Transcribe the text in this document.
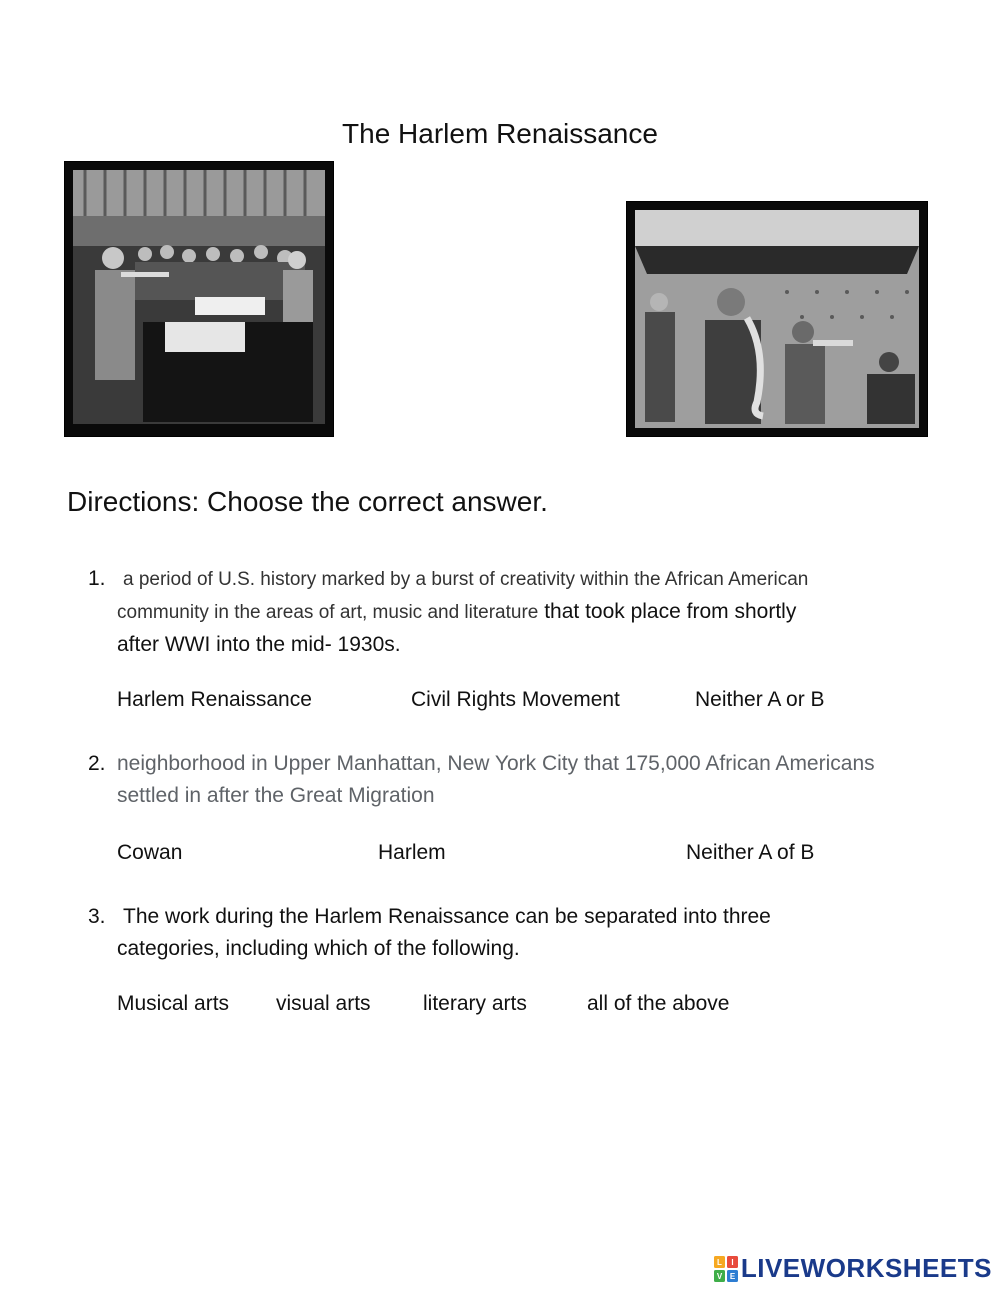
The Harlem Renaissance
Directions: Choose the correct answer.
1. a period of U.S. history marked by a burst of creativity within the African American
community in the areas of art, music and literature that took place from shortly
after WWI into the mid- 1930s.
Harlem Renaissance	Civil Rights Movement	Neither A or B
2. neighborhood in Upper Manhattan, New York City that 175,000 African Americans
settled in after the Great Migration
Cowan	Harlem	Neither A of B
3. The work during the Harlem Renaissance can be separated into three
categories, including which of the following.
Musical arts visual arts literary arts	all of the above
L I
V E LIVEWORKSHEETS
